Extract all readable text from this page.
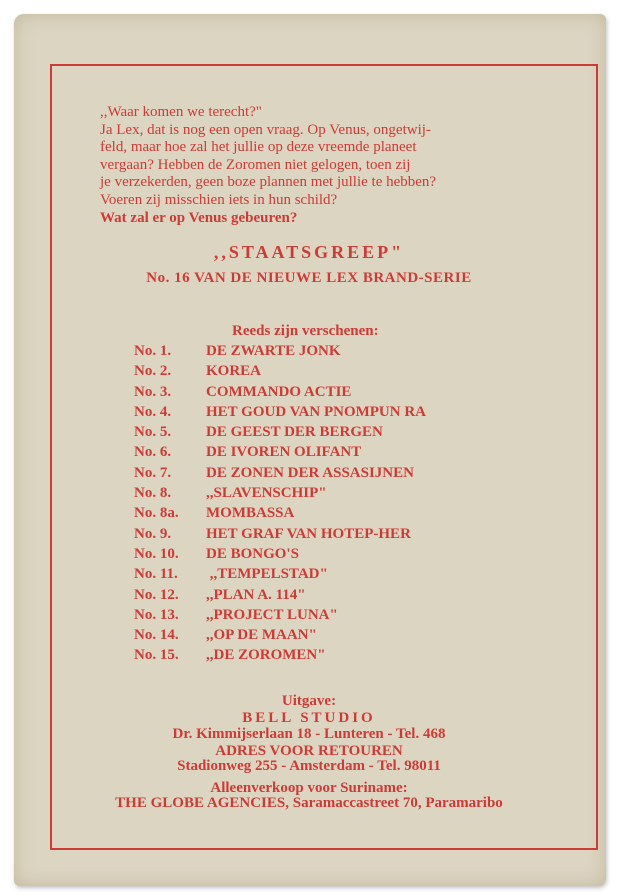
,,Waar komen we terecht?"
Ja Lex, dat is nog een open vraag. Op Venus, ongetwij-
feld, maar hoe zal het jullie op deze vreemde planeet
vergaan? Hebben de Zoromen niet gelogen, toen zij
je verzekerden, geen boze plannen met jullie te hebben?
Voeren zij misschien iets in hun schild?
Wat zal er op Venus gebeuren?
,,STAATSGREEP"
No. 16 VAN DE NIEUWE LEX BRAND-SERIE
Reeds zijn verschenen:
No. 1. DE ZWARTE JONK
No. 2. KOREA
No. 3. COMMANDO ACTIE
No. 4. HET GOUD VAN PNOMPUN RA
No. 5. DE GEEST DER BERGEN
No. 6. DE IVOREN OLIFANT
No. 7. DE ZONEN DER ASSASIJNEN
No. 8. ,,SLAVENSCHIP"
No. 8a. MOMBASSA
No. 9. HET GRAF VAN HOTEP-HER
No. 10. DE BONGO'S
No. 11. ,,TEMPELSTAD"
No. 12. ,,PLAN A. 114"
No. 13. ,,PROJECT LUNA"
No. 14. ,,OP DE MAAN"
No. 15. ,,DE ZOROMEN"
Uitgave:
BELL STUDIO
Dr. Kimmijserlaan 18 - Lunteren - Tel. 468
ADRES VOOR RETOUREN
Stadionweg 255 - Amsterdam - Tel. 98011
Alleenverkoop voor Suriname:
THE GLOBE AGENCIES, Saramaccastreet 70, Paramaribo
